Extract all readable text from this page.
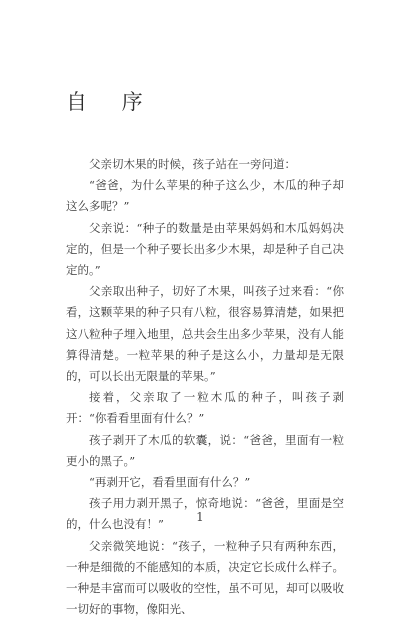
自 序

父亲切木果的时候，孩子站在一旁问道：

“爸爸，为什么苹果的种子这么少，木瓜的种子却这么多呢？”

父亲说：“种子的数量是由苹果妈妈和木瓜妈妈决定的，但是一个种子要长出多少木果，却是种子自己决定的。”

父亲取出种子，切好了木果，叫孩子过来看：“你看，这颗苹果的种子只有八粒，很容易算清楚，如果把这八粒种子埋入地里，总共会生出多少苹果，没有人能算得清楚。一粒苹果的种子是这么小，力量却是无限的，可以长出无限量的苹果。”

接着，父亲取了一粒木瓜的种子，叫孩子剥开：“你看看里面有什么？”

孩子剥开了木瓜的软囊，说：“爸爸，里面有一粒更小的黑子。”

“再剥开它，看看里面有什么？”

孩子用力剥开黑子，惊奇地说：“爸爸，里面是空的，什么也没有！”

父亲微笑地说：“孩子，一粒种子只有两种东西，一种是细微的不能感知的本质，决定它长成什么样子。一种是丰富而可以吸收的空性，虽不可见，却可以吸收一切好的事物，像阳光、

1
